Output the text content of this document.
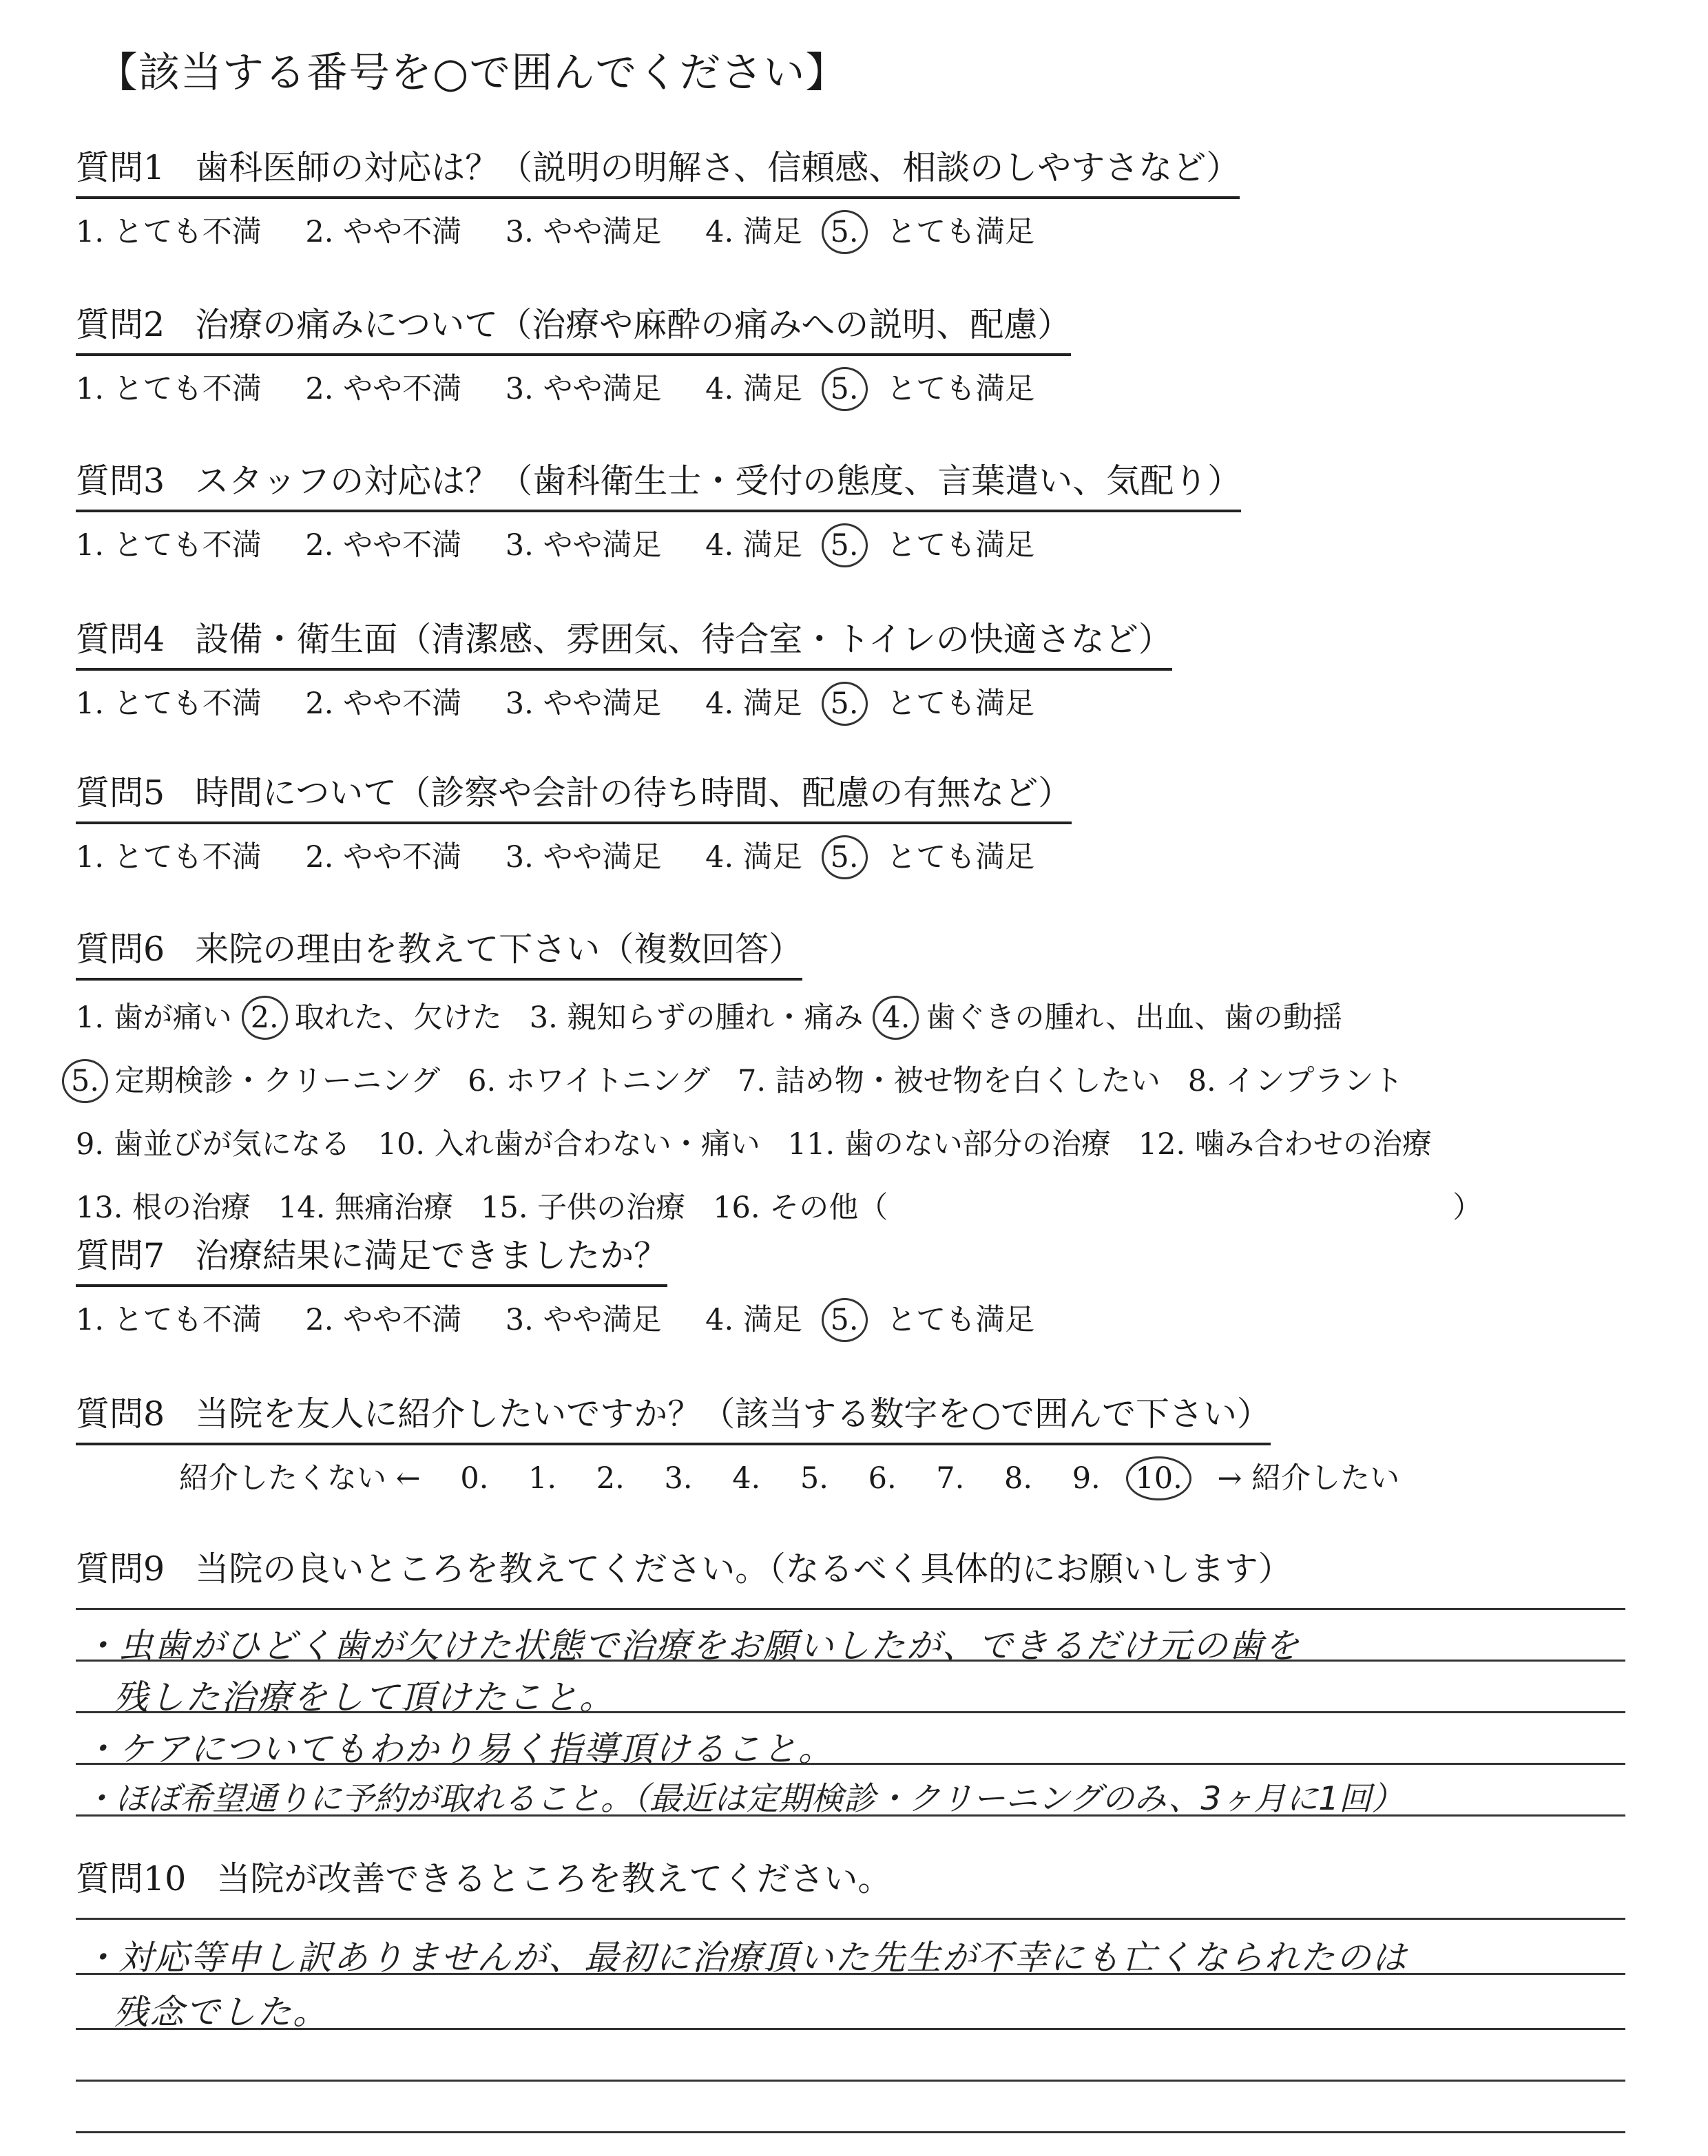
【該当する番号を○で囲んでください】
質問1 歯科医師の対応は？（説明の明解さ、信頼感、相談のしやすさなど）
1. とても不満 2. やや不満 3. やや満足 4. 満足 5. とても満足
質問2 治療の痛みについて（治療や麻酔の痛みへの説明、配慮）
1. とても不満 2. やや不満 3. やや満足 4. 満足 5. とても満足
質問3 スタッフの対応は？（歯科衛生士・受付の態度、言葉遣い、気配り）
1. とても不満 2. やや不満 3. やや満足 4. 満足 5. とても満足
質問4 設備・衛生面（清潔感、雰囲気、待合室・トイレの快適さなど）
1. とても不満 2. やや不満 3. やや満足 4. 満足 5. とても満足
質問5 時間について（診察や会計の待ち時間、配慮の有無など）
1. とても不満 2. やや不満 3. やや満足 4. 満足 5. とても満足
質問6 来院の理由を教えて下さい（複数回答）
1. 歯が痛い 2. 取れた、欠けた 3. 親知らずの腫れ・痛み 4. 歯ぐきの腫れ、出血、歯の動揺
5. 定期検診・クリーニング 6. ホワイトニング 7. 詰め物・被せ物を白くしたい 8. インプラント
9. 歯並びが気になる 10. 入れ歯が合わない・痛い 11. 歯のない部分の治療 12. 噛み合わせの治療
13. 根の治療 14. 無痛治療 15. 子供の治療 16. その他（	）
質問7 治療結果に満足できましたか？
1. とても不満 2. やや不満 3. やや満足 4. 満足 5. とても満足
質問8 当院を友人に紹介したいですか？（該当する数字を○で囲んで下さい）
紹介したくない ← 0. 1. 2. 3. 4. 5. 6. 7. 8. 9. 10. → 紹介したい
質問9 当院の良いところを教えてください。（なるべく具体的にお願いします）
・虫歯がひどく歯が欠けた状態で治療をお願いしたが、できるだけ元の歯を
残した治療をして頂けたこと。
・ケアについてもわかり易く指導頂けること。
・ほぼ希望通りに予約が取れること。（最近は定期検診・クリーニングのみ、3ヶ月に1回）
質問10 当院が改善できるところを教えてください。
・対応等申し訳ありませんが、最初に治療頂いた先生が不幸にも亡くなられたのは
残念でした。
